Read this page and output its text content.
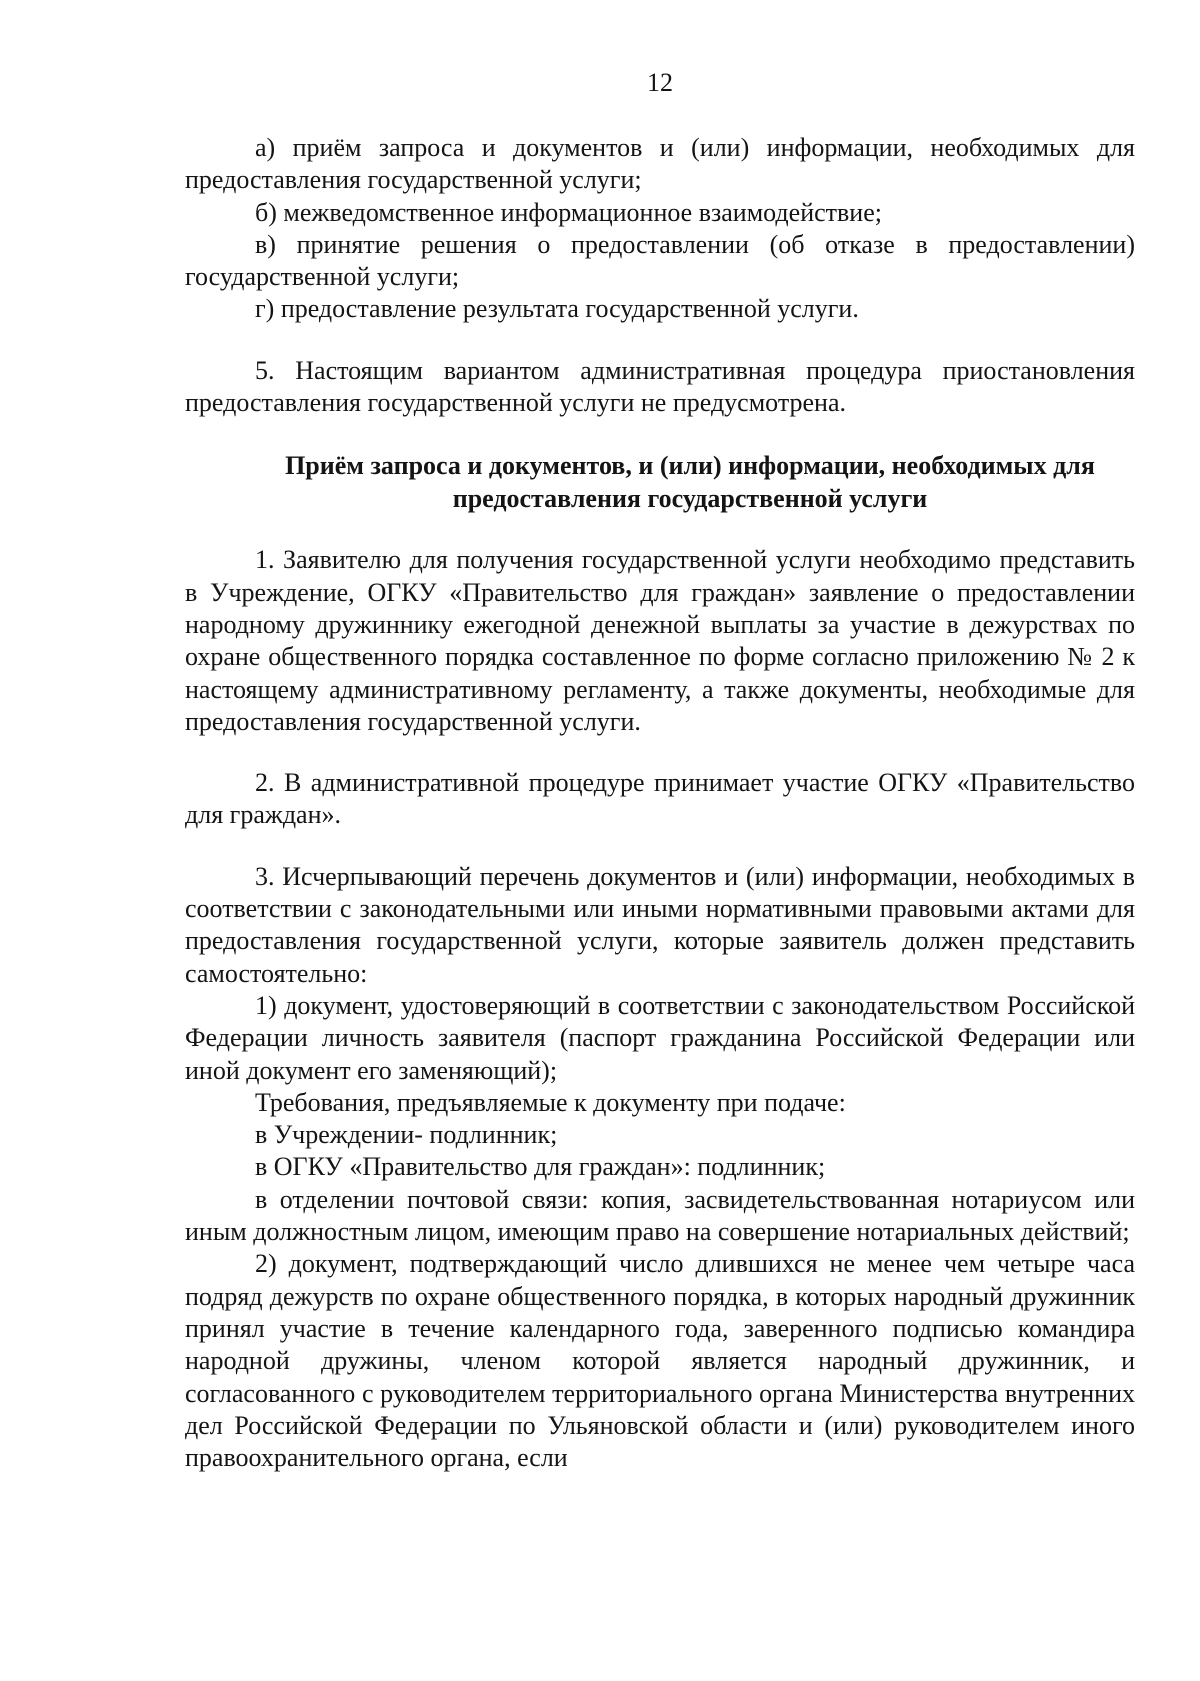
12

а) приём запроса и документов и (или) информации, необходимых для предоставления государственной услуги;

б) межведомственное информационное взаимодействие;

в) принятие решения о предоставлении (об отказе в предоставлении) государственной услуги;

г) предоставление результата государственной услуги.

5. Настоящим вариантом административная процедура приостановления предоставления государственной услуги не предусмотрена.

Приём запроса и документов, и (или) информации, необходимых для
предоставления государственной услуги

1. Заявителю для получения государственной услуги необходимо представить в Учреждение, ОГКУ «Правительство для граждан» заявление о предоставлении народному дружиннику ежегодной денежной выплаты за участие в дежурствах по охране общественного порядка составленное по форме согласно приложению № 2 к настоящему административному регламенту, а также документы, необходимые для предоставления государственной услуги.

2. В административной процедуре принимает участие ОГКУ «Правительство для граждан».

3. Исчерпывающий перечень документов и (или) информации, необходимых в соответствии с законодательными или иными нормативными правовыми актами для предоставления государственной услуги, которые заявитель должен представить самостоятельно:

1) документ, удостоверяющий в соответствии с законодательством Российской Федерации личность заявителя (паспорт гражданина Российской Федерации или иной документ его заменяющий);

Требования, предъявляемые к документу при подаче:

в Учреждении- подлинник;

в ОГКУ «Правительство для граждан»: подлинник;

в отделении почтовой связи: копия, засвидетельствованная нотариусом или иным должностным лицом, имеющим право на совершение нотариальных действий;

2) документ, подтверждающий число длившихся не менее чем четыре часа подряд дежурств по охране общественного порядка, в которых народный дружинник принял участие в течение календарного года, заверенного подписью командира народной дружины, членом которой является народный дружинник, и согласованного с руководителем территориального органа Министерства внутренних дел Российской Федерации по Ульяновской области и (или) руководителем иного правоохранительного органа, если
